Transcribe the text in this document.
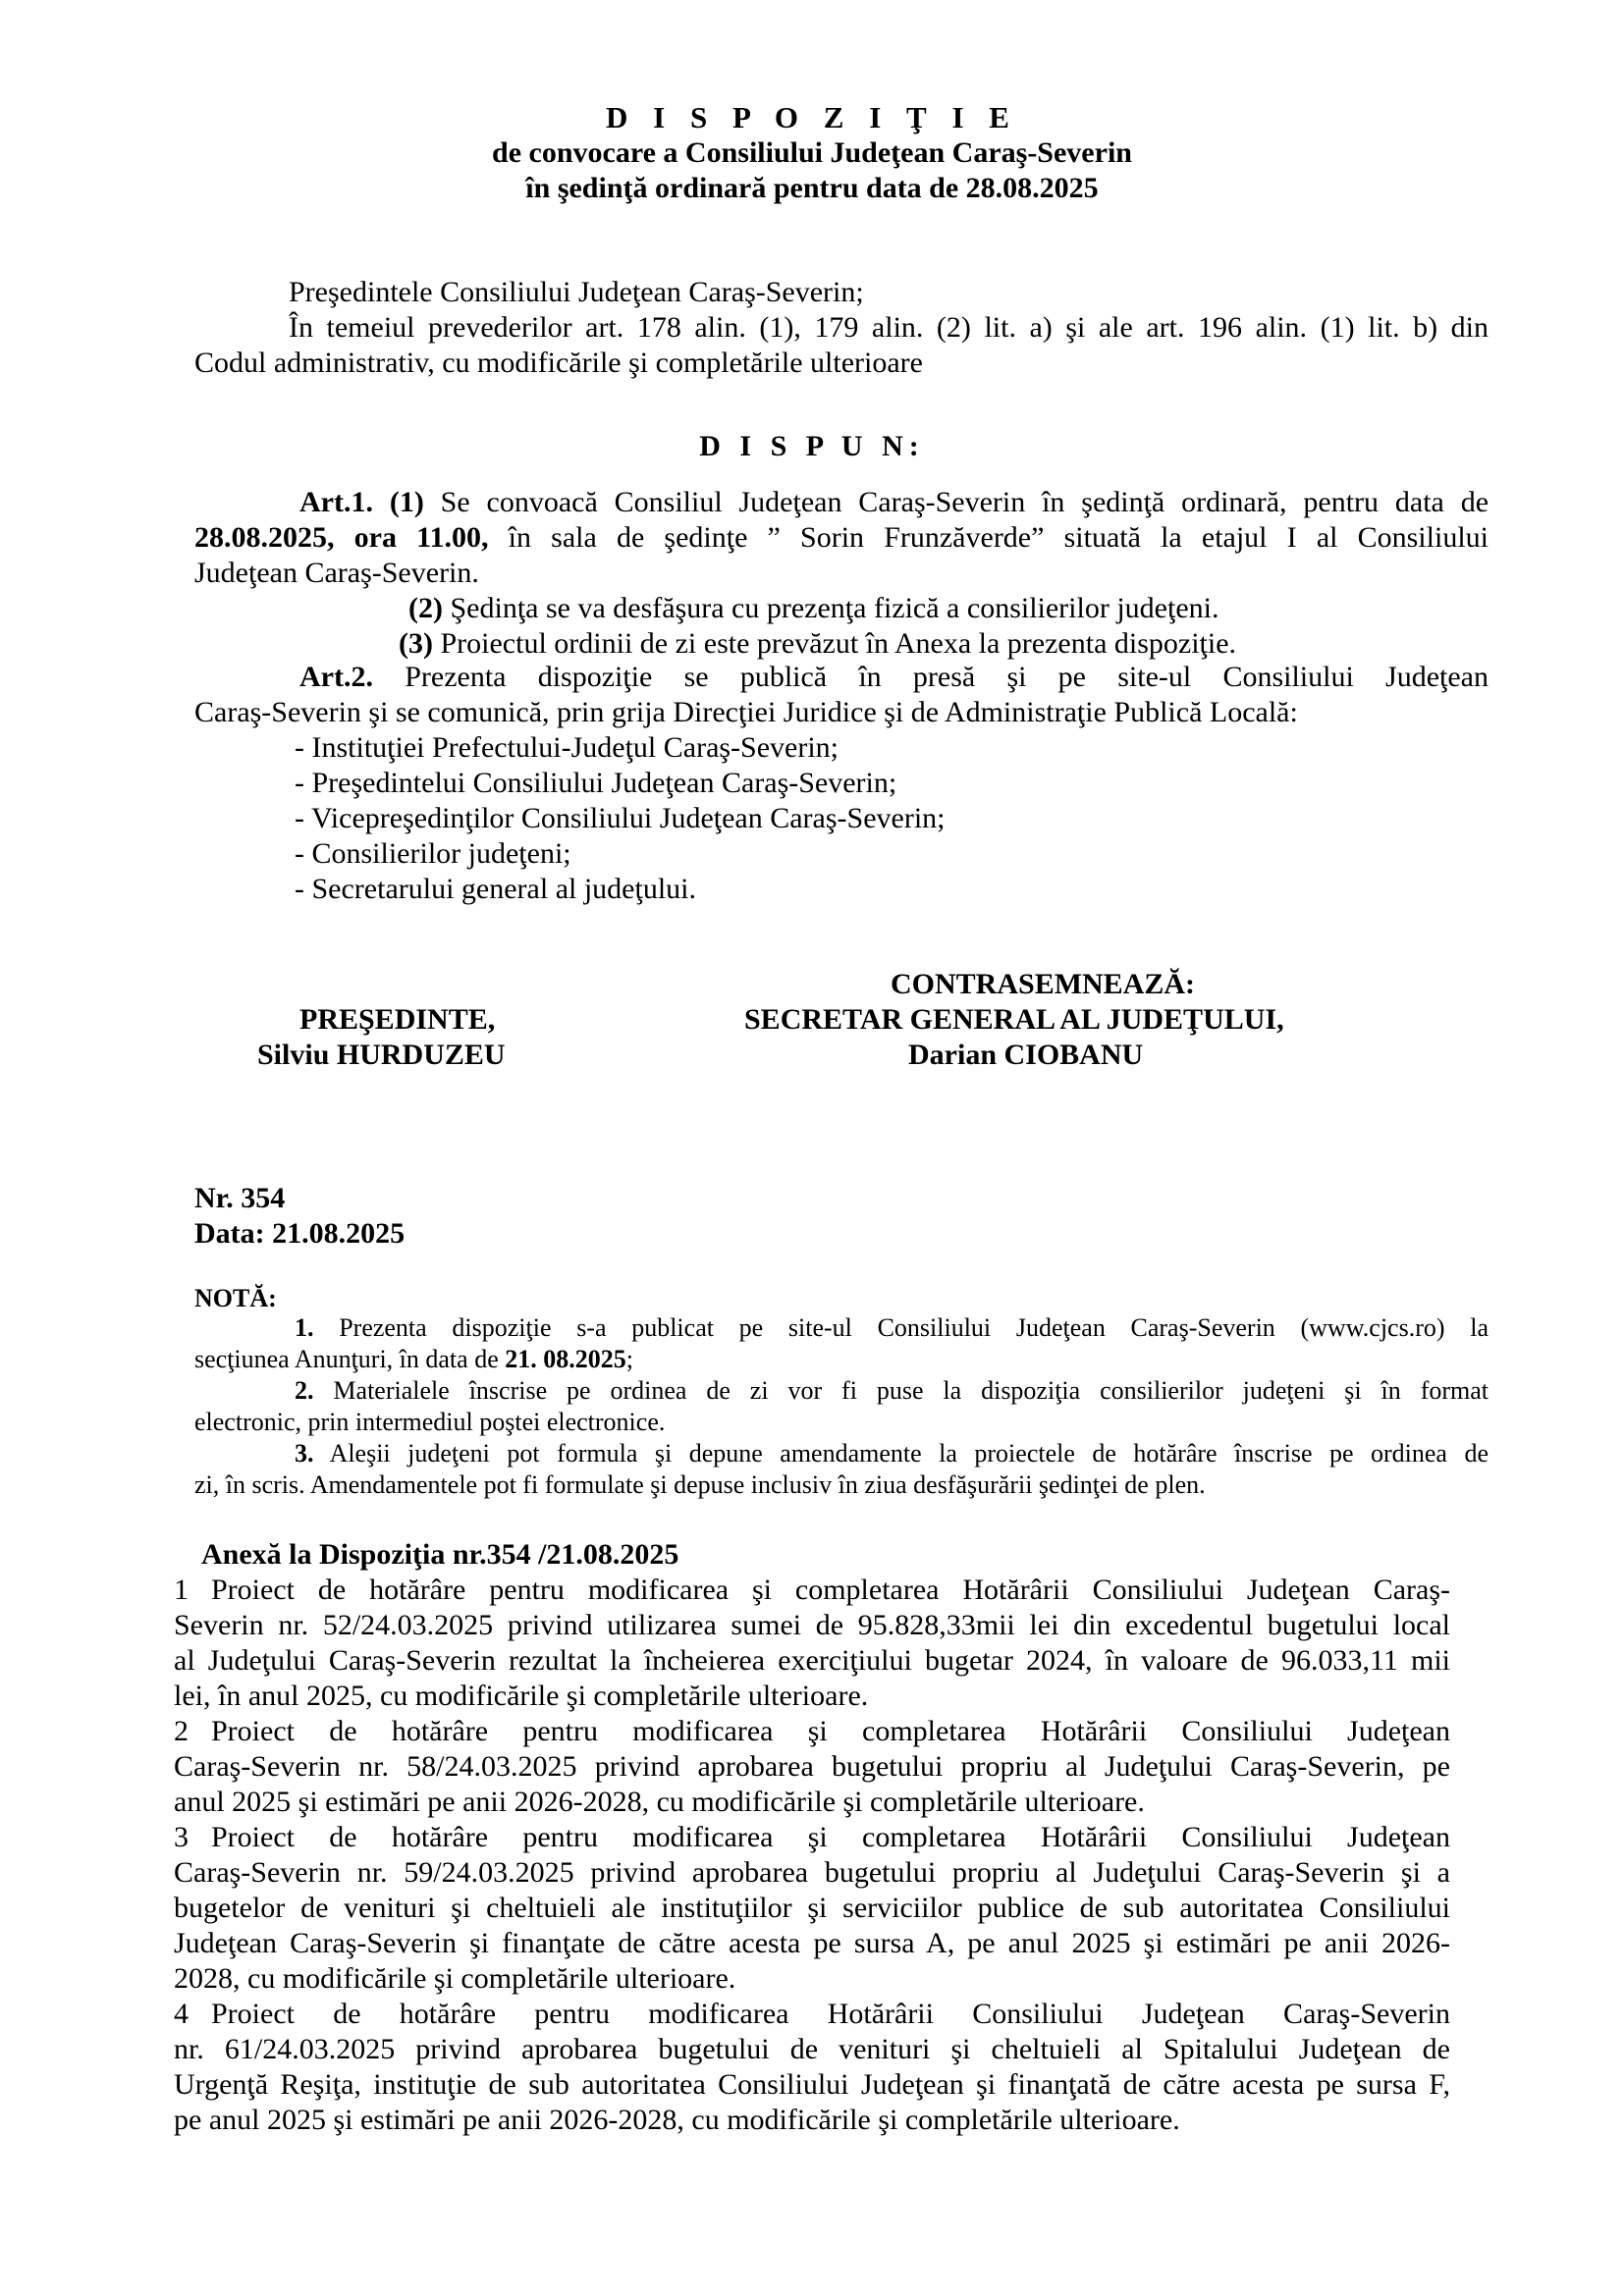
D I S P O Z I Ţ I E
de convocare a Consiliului Judeţean Caraş-Severin
în şedinţă ordinară pentru data de 28.08.2025
Preşedintele Consiliului Judeţean Caraş-Severin;
În temeiul prevederilor art. 178 alin. (1), 179 alin. (2) lit. a) şi ale art. 196 alin. (1) lit. b) din
Codul administrativ, cu modificările şi completările ulterioare
D I S P U N:
Art.1. (1) Se convoacă Consiliul Judeţean Caraş-Severin în şedinţă ordinară, pentru data de
28.08.2025, ora 11.00, în sala de şedinţe ” Sorin Frunzăverde” situată la etajul I al Consiliului
Judeţean Caraş-Severin.
(2) Şedinţa se va desfăşura cu prezenţa fizică a consilierilor judeţeni.
(3) Proiectul ordinii de zi este prevăzut în Anexa la prezenta dispoziţie.
Art.2. Prezenta dispoziţie se publică în presă şi pe site-ul Consiliului Judeţean
Caraş-Severin şi se comunică, prin grija Direcţiei Juridice şi de Administraţie Publică Locală:
- Instituţiei Prefectului-Judeţul Caraş-Severin;
- Preşedintelui Consiliului Judeţean Caraş-Severin;
- Vicepreşedinţilor Consiliului Judeţean Caraş-Severin;
- Consilierilor judeţeni;
- Secretarului general al judeţului.
CONTRASEMNEAZĂ:
PREŞEDINTE,
Silviu HURDUZEU
SECRETAR GENERAL AL JUDEŢULUI,
Darian CIOBANU
Nr. 354
Data: 21.08.2025
NOTĂ:
1. Prezenta dispoziţie s-a publicat pe site-ul Consiliului Judeţean Caraş-Severin (www.cjcs.ro) la
secţiunea Anunţuri, în data de 21. 08.2025;
2. Materialele înscrise pe ordinea de zi vor fi puse la dispoziţia consilierilor judeţeni şi în format
electronic, prin intermediul poştei electronice.
3. Aleşii judeţeni pot formula şi depune amendamente la proiectele de hotărâre înscrise pe ordinea de
zi, în scris. Amendamentele pot fi formulate şi depuse inclusiv în ziua desfăşurării şedinţei de plen.
Anexă la Dispoziţia nr.354 /21.08.2025
1 Proiect de hotărâre pentru modificarea şi completarea Hotărârii Consiliului Judeţean Caraş-
Severin nr. 52/24.03.2025 privind utilizarea sumei de 95.828,33mii lei din excedentul bugetului local
al Judeţului Caraş-Severin rezultat la încheierea exerciţiului bugetar 2024, în valoare de 96.033,11 mii
lei, în anul 2025, cu modificările şi completările ulterioare.
2 Proiect de hotărâre pentru modificarea şi completarea Hotărârii Consiliului Judeţean
Caraş-Severin nr. 58/24.03.2025 privind aprobarea bugetului propriu al Judeţului Caraş-Severin, pe
anul 2025 şi estimări pe anii 2026-2028, cu modificările şi completările ulterioare.
3 Proiect de hotărâre pentru modificarea şi completarea Hotărârii Consiliului Judeţean
Caraş-Severin nr. 59/24.03.2025 privind aprobarea bugetului propriu al Judeţului Caraş-Severin şi a
bugetelor de venituri şi cheltuieli ale instituţiilor şi serviciilor publice de sub autoritatea Consiliului
Judeţean Caraş-Severin şi finanţate de către acesta pe sursa A, pe anul 2025 şi estimări pe anii 2026-
2028, cu modificările şi completările ulterioare.
4 Proiect de hotărâre pentru modificarea Hotărârii Consiliului Judeţean Caraş-Severin
nr. 61/24.03.2025 privind aprobarea bugetului de venituri şi cheltuieli al Spitalului Judeţean de
Urgenţă Reşiţa, instituţie de sub autoritatea Consiliului Judeţean şi finanţată de către acesta pe sursa F,
pe anul 2025 şi estimări pe anii 2026-2028, cu modificările şi completările ulterioare.
